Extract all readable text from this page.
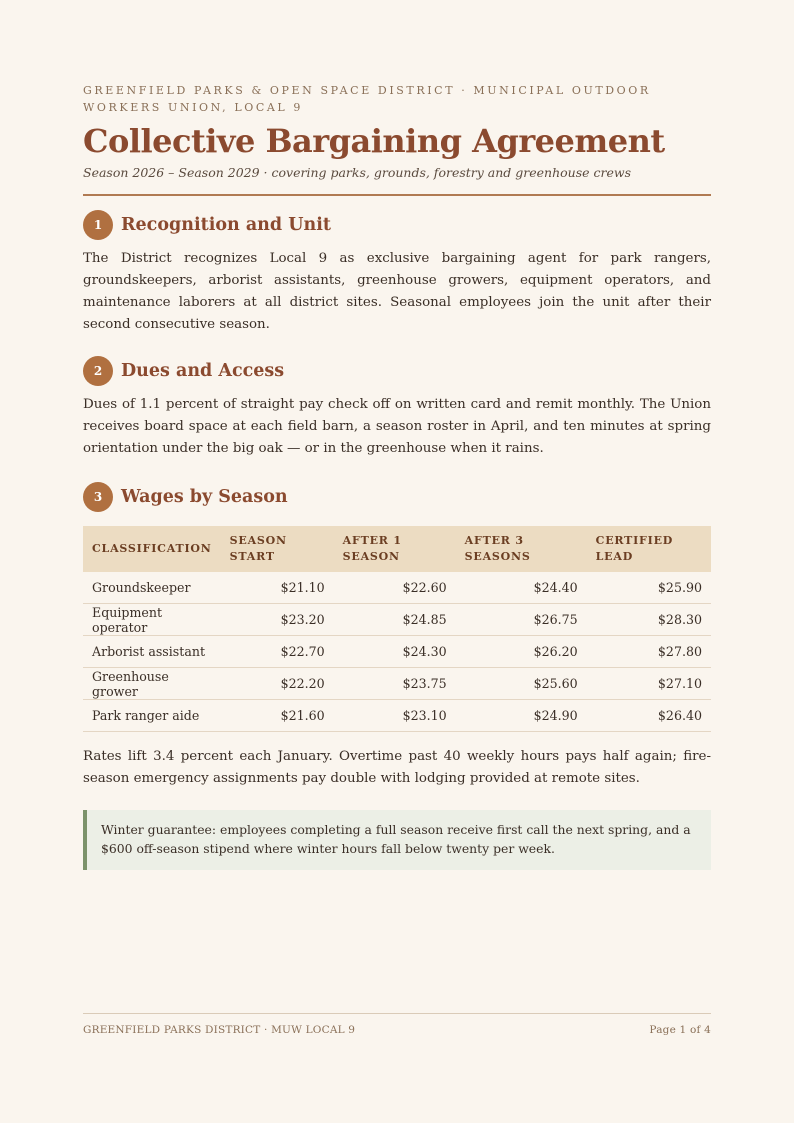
GREENFIELD PARKS & OPEN SPACE DISTRICT · MUNICIPAL OUTDOOR WORKERS UNION, LOCAL 9
Collective Bargaining Agreement
Season 2026 – Season 2029 · covering parks, grounds, forestry and greenhouse crews
1	Recognition and Unit
The District recognizes Local 9 as exclusive bargaining agent for park rangers, groundskeepers, arborist assistants, greenhouse growers, equipment operators, and maintenance laborers at all district sites. Seasonal employees join the unit after their second consecutive season.
2	Dues and Access
Dues of 1.1 percent of straight pay check off on written card and remit monthly. The Union receives board space at each field barn, a season roster in April, and ten minutes at spring orientation under the big oak — or in the greenhouse when it rains.
3	Wages by Season
CLASSIFICATION	SEASON START	AFTER 1 SEASON	AFTER 3 SEASONS	CERTIFIED LEAD
Groundskeeper	$21.10	$22.60	$24.40	$25.90
Equipment operator	$23.20	$24.85	$26.75	$28.30
Arborist assistant	$22.70	$24.30	$26.20	$27.80
Greenhouse grower	$22.20	$23.75	$25.60	$27.10
Park ranger aide	$21.60	$23.10	$24.90	$26.40
Rates lift 3.4 percent each January. Overtime past 40 weekly hours pays half again; fire-season emergency assignments pay double with lodging provided at remote sites.
Winter guarantee: employees completing a full season receive first call the next spring, and a $600 off-season stipend where winter hours fall below twenty per week.
GREENFIELD PARKS DISTRICT · MUW LOCAL 9	Page 1 of 4
